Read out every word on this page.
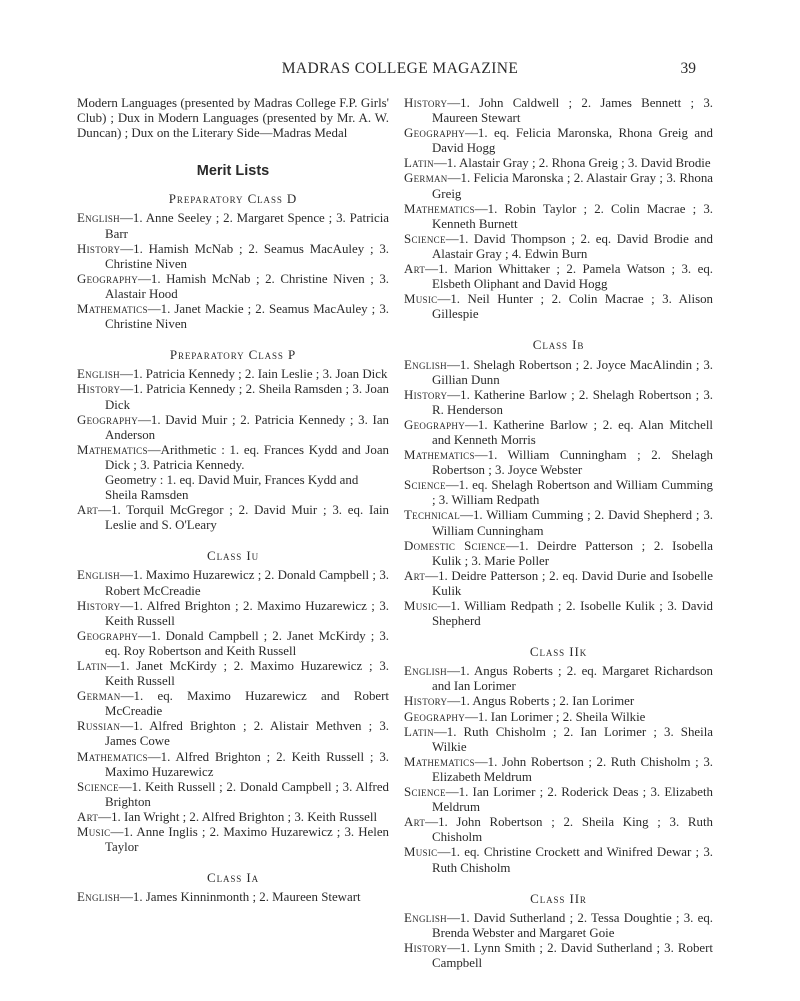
MADRAS COLLEGE MAGAZINE	39

Modern Languages (presented by Madras College F.P. Girls' Club) ; Dux in Modern Languages (presented by Mr. A. W. Duncan) ; Dux on the Literary Side—Madras Medal

Merit Lists
Preparatory Class D

English—1. Anne Seeley ; 2. Margaret Spence ; 3. Patricia Barr

History—1. Hamish McNab ; 2. Seamus MacAuley ; 3. Christine Niven

Geography—1. Hamish McNab ; 2. Christine Niven ; 3. Alastair Hood

Mathematics—1. Janet Mackie ; 2. Seamus MacAuley ; 3. Christine Niven

Preparatory Class P

English—1. Patricia Kennedy ; 2. Iain Leslie ; 3. Joan Dick

History—1. Patricia Kennedy ; 2. Sheila Ramsden ; 3. Joan Dick

Geography—1. David Muir ; 2. Patricia Kennedy ; 3. Ian Anderson

Mathematics—Arithmetic : 1. eq. Frances Kydd and Joan Dick ; 3. Patricia Kennedy.

Geometry : 1. eq. David Muir, Frances Kydd and Sheila Ramsden

Art—1. Torquil McGregor ; 2. David Muir ; 3. eq. Iain Leslie and S. O'Leary

Class Iu

English—1. Maximo Huzarewicz ; 2. Donald Campbell ; 3. Robert McCreadie

History—1. Alfred Brighton ; 2. Maximo Huzarewicz ; 3. Keith Russell

Geography—1. Donald Campbell ; 2. Janet McKirdy ; 3. eq. Roy Robertson and Keith Russell

Latin—1. Janet McKirdy ; 2. Maximo Huzarewicz ; 3. Keith Russell

German—1. eq. Maximo Huzarewicz and Robert McCreadie

Russian—1. Alfred Brighton ; 2. Alistair Methven ; 3. James Cowe

Mathematics—1. Alfred Brighton ; 2. Keith Russell ; 3. Maximo Huzarewicz

Science—1. Keith Russell ; 2. Donald Campbell ; 3. Alfred Brighton

Art—1. Ian Wright ; 2. Alfred Brighton ; 3. Keith Russell

Music—1. Anne Inglis ; 2. Maximo Huzarewicz ; 3. Helen Taylor

Class Ia

English—1. James Kinninmonth ; 2. Maureen Stewart

History—1. John Caldwell ; 2. James Bennett ; 3. Maureen Stewart

Geography—1. eq. Felicia Maronska, Rhona Greig and David Hogg

Latin—1. Alastair Gray ; 2. Rhona Greig ; 3. David Brodie

German—1. Felicia Maronska ; 2. Alastair Gray ; 3. Rhona Greig

Mathematics—1. Robin Taylor ; 2. Colin Macrae ; 3. Kenneth Burnett

Science—1. David Thompson ; 2. eq. David Brodie and Alastair Gray ; 4. Edwin Burn

Art—1. Marion Whittaker ; 2. Pamela Watson ; 3. eq. Elsbeth Oliphant and David Hogg

Music—1. Neil Hunter ; 2. Colin Macrae ; 3. Alison Gillespie

Class Ib

English—1. Shelagh Robertson ; 2. Joyce MacAlindin ; 3. Gillian Dunn

History—1. Katherine Barlow ; 2. Shelagh Robertson ; 3. R. Henderson

Geography—1. Katherine Barlow ; 2. eq. Alan Mitchell and Kenneth Morris

Mathematics—1. William Cunningham ; 2. Shelagh Robertson ; 3. Joyce Webster

Science—1. eq. Shelagh Robertson and William Cumming ; 3. William Redpath

Technical—1. William Cumming ; 2. David Shepherd ; 3. William Cunningham

Domestic Science—1. Deirdre Patterson ; 2. Isobella Kulik ; 3. Marie Poller

Art—1. Deidre Patterson ; 2. eq. David Durie and Isobelle Kulik

Music—1. William Redpath ; 2. Isobelle Kulik ; 3. David Shepherd

Class IIk

English—1. Angus Roberts ; 2. eq. Margaret Richardson and Ian Lorimer

History—1. Angus Roberts ; 2. Ian Lorimer

Geography—1. Ian Lorimer ; 2. Sheila Wilkie

Latin—1. Ruth Chisholm ; 2. Ian Lorimer ; 3. Sheila Wilkie

Mathematics—1. John Robertson ; 2. Ruth Chisholm ; 3. Elizabeth Meldrum

Science—1. Ian Lorimer ; 2. Roderick Deas ; 3. Elizabeth Meldrum

Art—1. John Robertson ; 2. Sheila King ; 3. Ruth Chisholm

Music—1. eq. Christine Crockett and Winifred Dewar ; 3. Ruth Chisholm

Class IIr

English—1. David Sutherland ; 2. Tessa Doughtie ; 3. eq. Brenda Webster and Margaret Goie

History—1. Lynn Smith ; 2. David Sutherland ; 3. Robert Campbell
